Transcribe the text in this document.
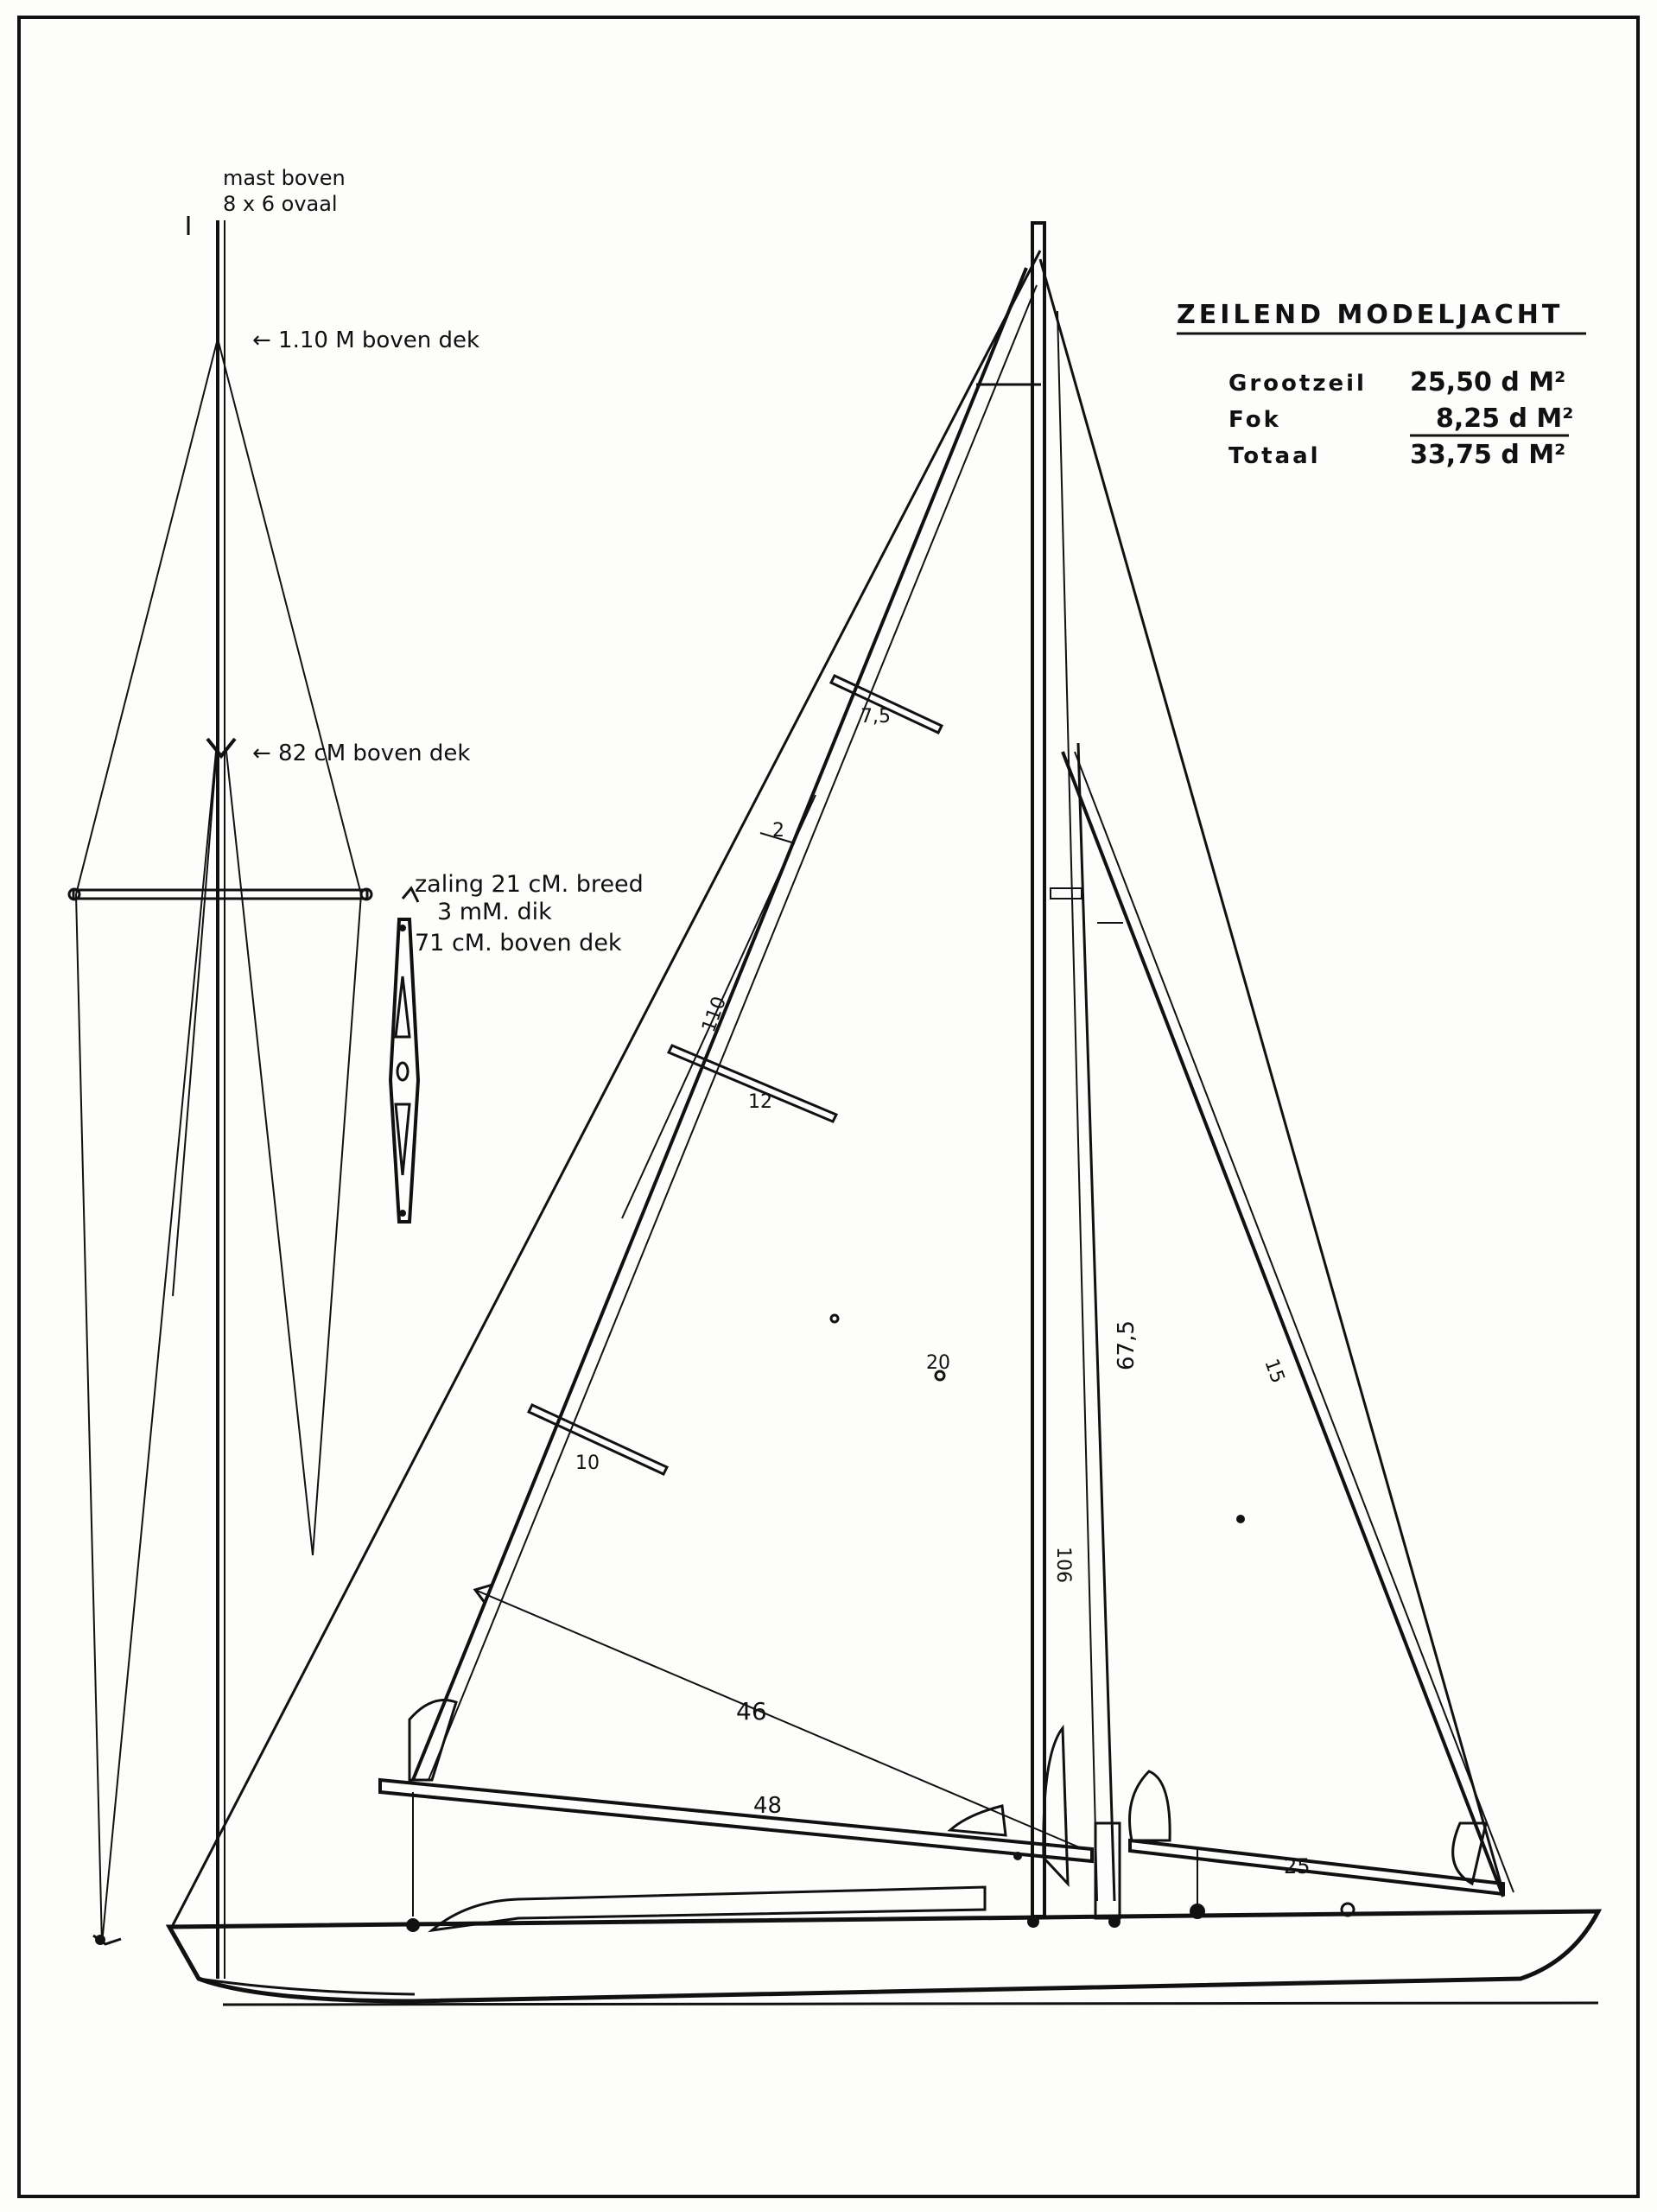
mast boven
8 x 6 ovaal
← 1.10 M boven dek
← 82 cM boven dek
zaling 21 cM. breed
3 mM. dik
71 cM. boven dek
7,5
12
10
2
110
46
48
25
67,5
106
15
20
ZEILEND MODELJACHT
Grootzeil 25,50 d M²
Fok	8,25 d M²
Totaal	33,75 d M²
